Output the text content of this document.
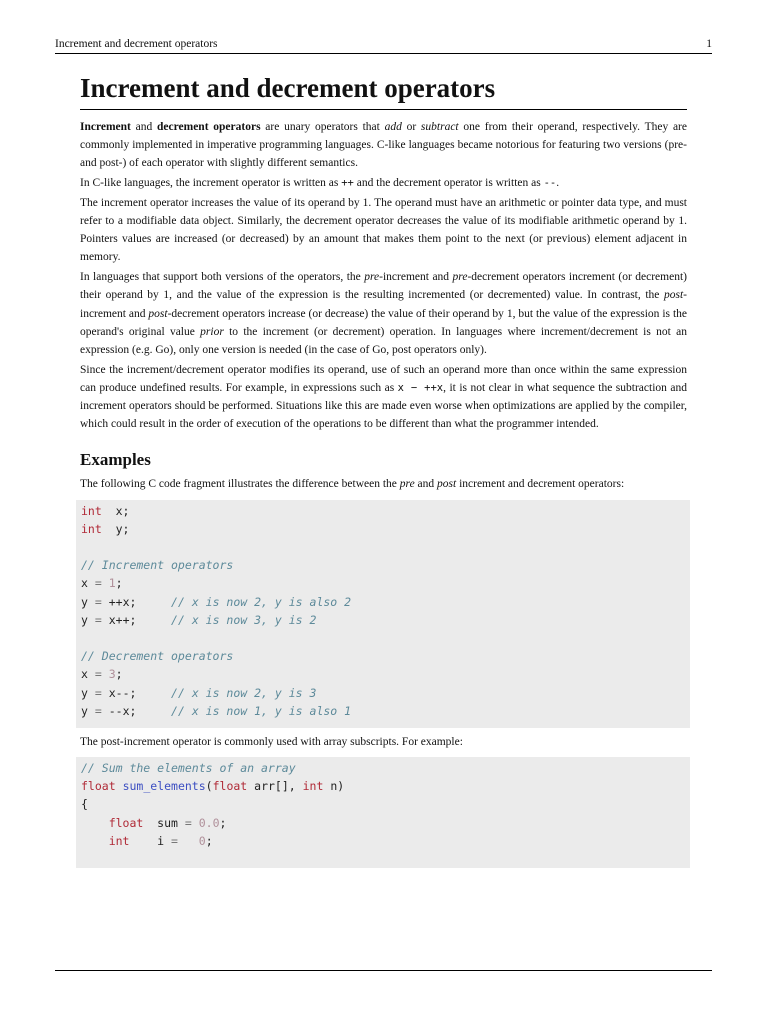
Increment and decrement operators	1
Increment and decrement operators

Increment and decrement operators are unary operators that add or subtract one from their operand, respectively. They are commonly implemented in imperative programming languages. C-like languages became notorious for featuring two versions (pre- and post-) of each operator with slightly different semantics.

In C-like languages, the increment operator is written as ++ and the decrement operator is written as --.

The increment operator increases the value of its operand by 1. The operand must have an arithmetic or pointer data type, and must refer to a modifiable data object. Similarly, the decrement operator decreases the value of its modifiable arithmetic operand by 1. Pointers values are increased (or decreased) by an amount that makes them point to the next (or previous) element adjacent in memory.

In languages that support both versions of the operators, the pre-increment and pre-decrement operators increment (or decrement) their operand by 1, and the value of the expression is the resulting incremented (or decremented) value. In contrast, the post-increment and post-decrement operators increase (or decrease) the value of their operand by 1, but the value of the expression is the operand's original value prior to the increment (or decrement) operation. In languages where increment/decrement is not an expression (e.g. Go), only one version is needed (in the case of Go, post operators only).

Since the increment/decrement operator modifies its operand, use of such an operand more than once within the same expression can produce undefined results. For example, in expressions such as x − ++x, it is not clear in what sequence the subtraction and increment operators should be performed. Situations like this are made even worse when optimizations are applied by the compiler, which could result in the order of execution of the operations to be different than what the programmer intended.

Examples

The following C code fragment illustrates the difference between the pre and post increment and decrement operators:

int  x;
int  y;
// Increment operators
x = 1;
y = ++x;     // x is now 2, y is also 2
y = x++;     // x is now 3, y is 2
// Decrement operators
x = 3;
y = x--;     // x is now 2, y is 3
y = --x;     // x is now 1, y is also 1

The post-increment operator is commonly used with array subscripts. For example:

// Sum the elements of an array
float sum_elements(float arr[], int n)
{
float  sum = 0.0;
int    i = 0;
